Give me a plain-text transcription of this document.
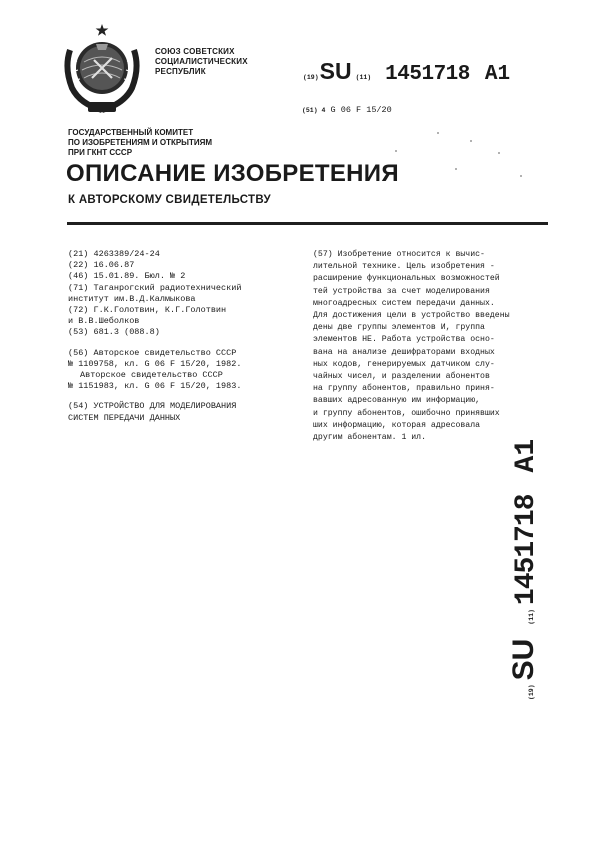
СОЮЗ СОВЕТСКИХ
СОЦИАЛИСТИЧЕСКИХ
РЕСПУБЛИК
(19) SU (11) 1451718 A1
(51) 4 G 06 F 15/20
ГОСУДАРСТВЕННЫЙ КОМИТЕТ
ПО ИЗОБРЕТЕНИЯМ И ОТКРЫТИЯМ
ПРИ ГКНТ СССР
ОПИСАНИЕ ИЗОБРЕТЕНИЯ
К АВТОРСКОМУ СВИДЕТЕЛЬСТВУ
(21) 4263389/24-24
(22) 16.06.87
(46) 15.01.89. Бюл. № 2
(71) Таганрогский радиотехнический
институт им.В.Д.Калмыкова
(72) Г.К.Голотвин, К.Г.Голотвин
и В.В.Шеболков
(53) 681.3 (088.8)
(56) Авторское свидетельство СССР
№ 1109758, кл. G 06 F 15/20, 1982.
Авторское свидетельство СССР
№ 1151983, кл. G 06 F 15/20, 1983.
(54) УСТРОЙСТВО ДЛЯ МОДЕЛИРОВАНИЯ
СИСТЕМ ПЕРЕДАЧИ ДАННЫХ
(57) Изобретение относится к вычис-
лительной технике. Цель изобретения -
расширение функциональных возможностей
тей устройства за счет моделирования
многоадресных систем передачи данных.
Для достижения цели в устройство введены
дены две группы элементов И, группа
элементов НЕ. Работа устройства осно-
вана на анализе дешифраторами входных
ных кодов, генерируемых датчиком слу-
чайных чисел, и разделении абонентов
на группу абонентов, правильно приня-
вавших адресованную им информацию,
и группу абонентов, ошибочно принявших
ших информацию, которая адресовала
другим абонентам. 1 ил.
(19)
SU
(11)
1451718
A1
